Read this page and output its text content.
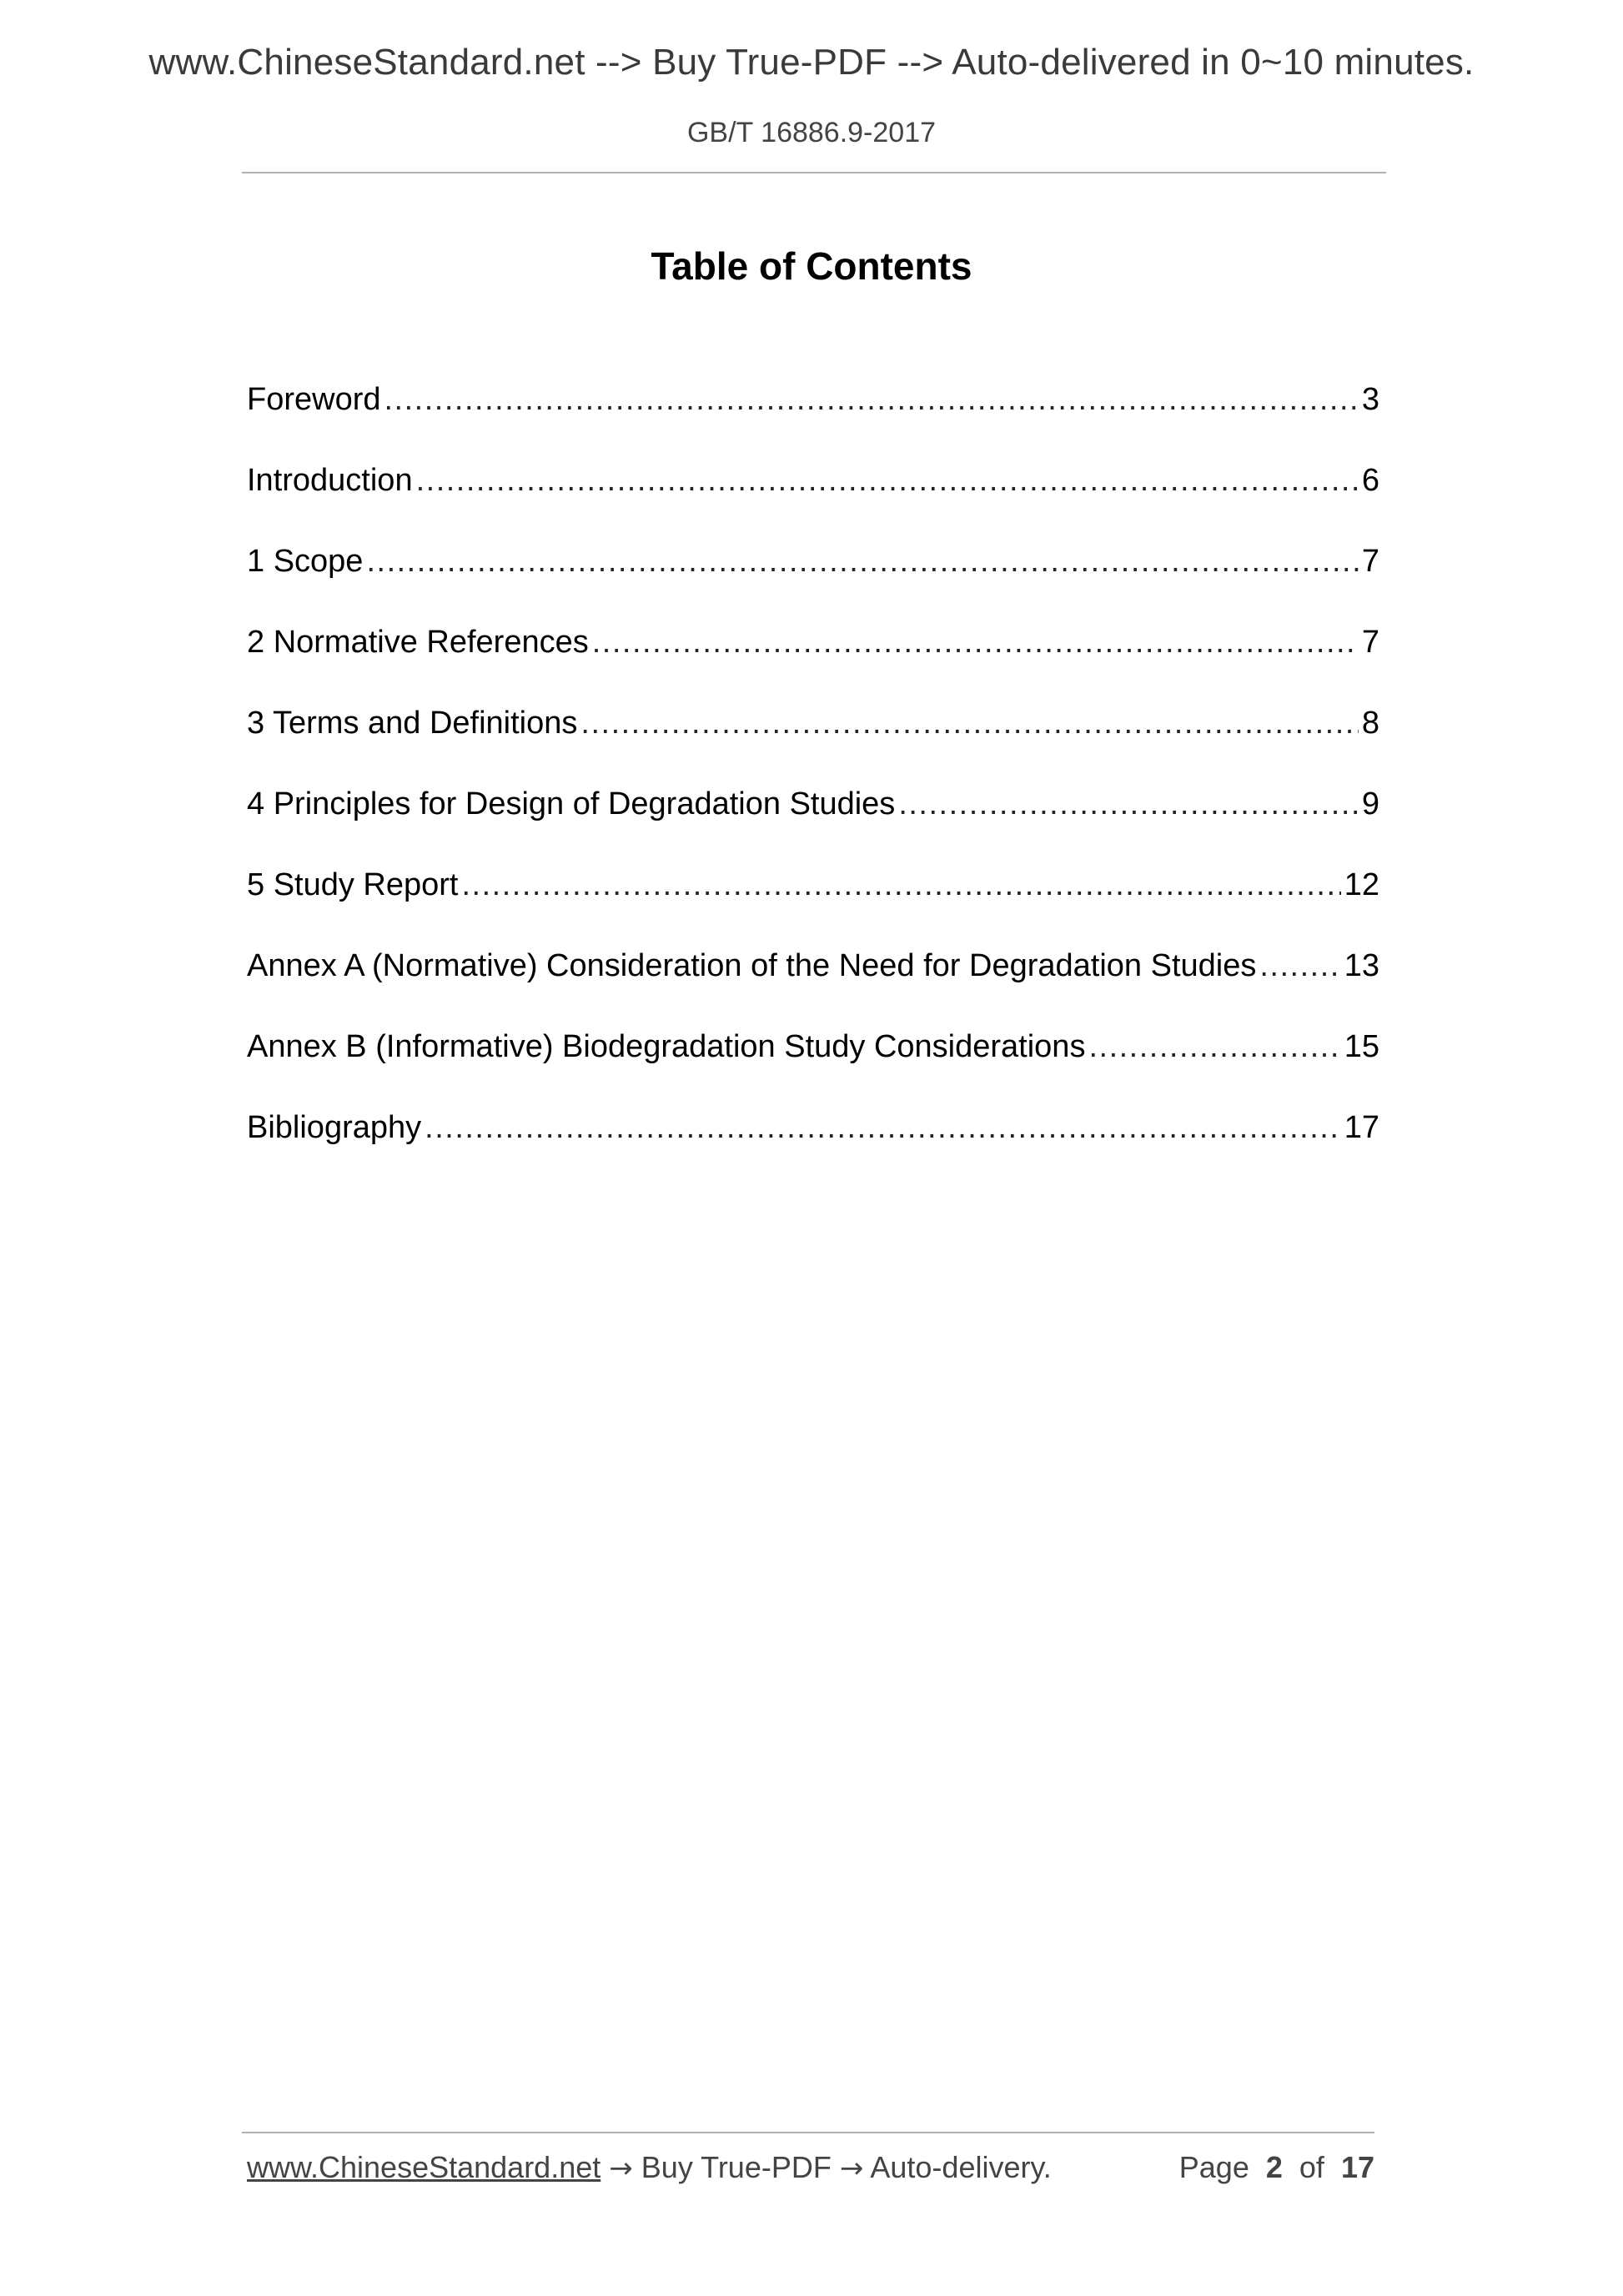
www.ChineseStandard.net --> Buy True-PDF --> Auto-delivered in 0~10 minutes.
GB/T 16886.9-2017
Table of Contents
Foreword .....	3
Introduction .....	6
1 Scope .....	7
2 Normative References .....	7
3 Terms and Definitions .....	8
4 Principles for Design of Degradation Studies .....	9
5 Study Report .....	12
Annex A (Normative) Consideration of the Need for Degradation Studies .....	13
Annex B (Informative) Biodegradation Study Considerations .....	15
Bibliography .....	17
www.ChineseStandard.net → Buy True-PDF → Auto-delivery.	Page 2 of 17
